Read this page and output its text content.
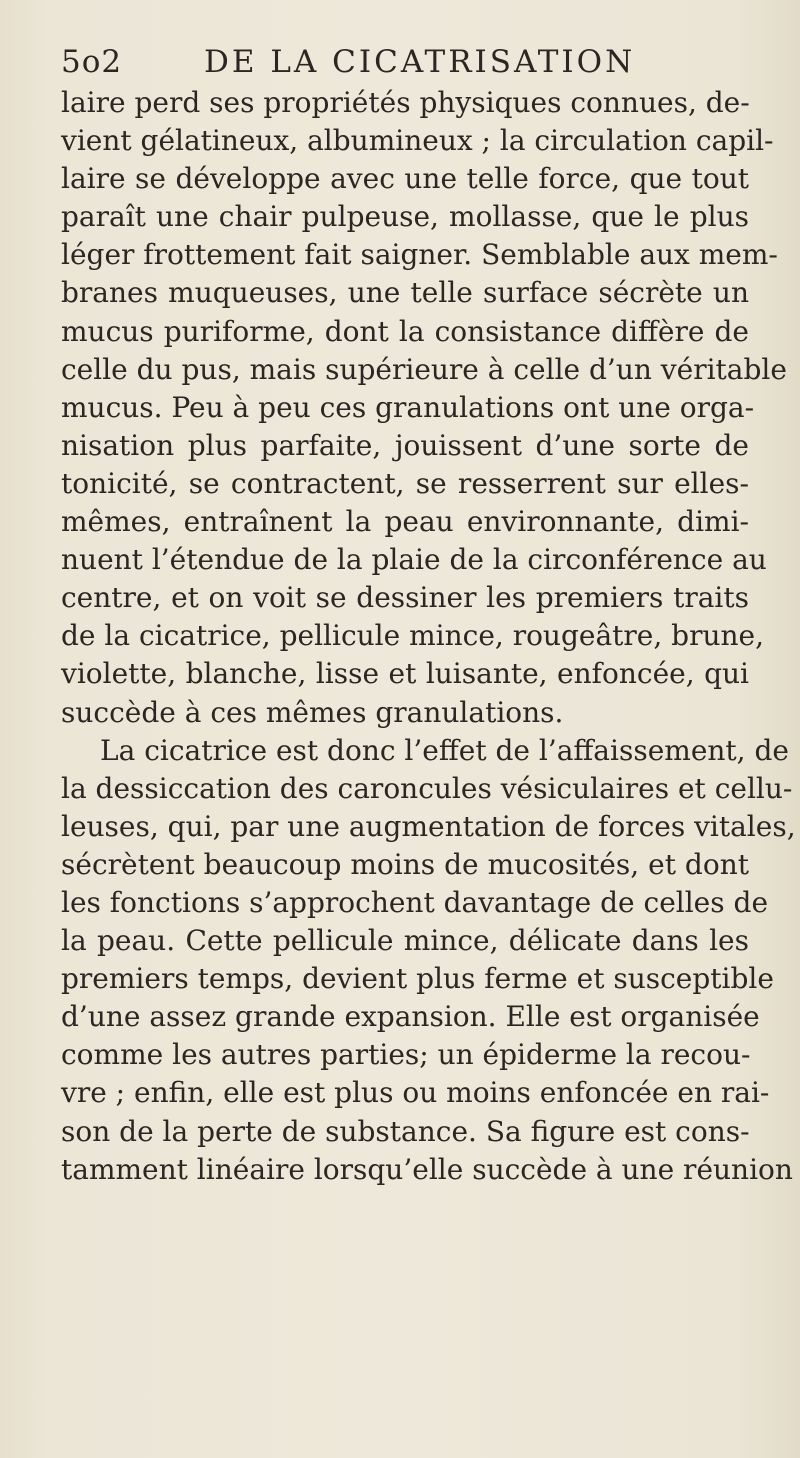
5o2	DE LA CICATRISATION
laire perd ses propriétés physiques connues, de-
vient gélatineux, albumineux ; la circulation capil-
laire se développe avec une telle force, que tout
paraît une chair pulpeuse, mollasse, que le plus
léger frottement fait saigner. Semblable aux mem-
branes muqueuses, une telle surface sécrète un
mucus puriforme, dont la consistance diffère de
celle du pus, mais supérieure à celle d’un véritable
mucus. Peu à peu ces granulations ont une orga-
nisation plus parfaite, jouissent d’une sorte de
tonicité, se contractent, se resserrent sur elles-
mêmes, entraînent la peau environnante, dimi-
nuent l’étendue de la plaie de la circonférence au
centre, et on voit se dessiner les premiers traits
de la cicatrice, pellicule mince, rougeâtre, brune,
violette, blanche, lisse et luisante, enfoncée, qui
succède à ces mêmes granulations.
La cicatrice est donc l’effet de l’affaissement, de
la dessiccation des caroncules vésiculaires et cellu-
leuses, qui, par une augmentation de forces vitales,
sécrètent beaucoup moins de mucosités, et dont
les fonctions s’approchent davantage de celles de
la peau. Cette pellicule mince, délicate dans les
premiers temps, devient plus ferme et susceptible
d’une assez grande expansion. Elle est organisée
comme les autres parties; un épiderme la recou-
vre ; enfin, elle est plus ou moins enfoncée en rai-
son de la perte de substance. Sa figure est cons-
tamment linéaire lorsqu’elle succède à une réunion
